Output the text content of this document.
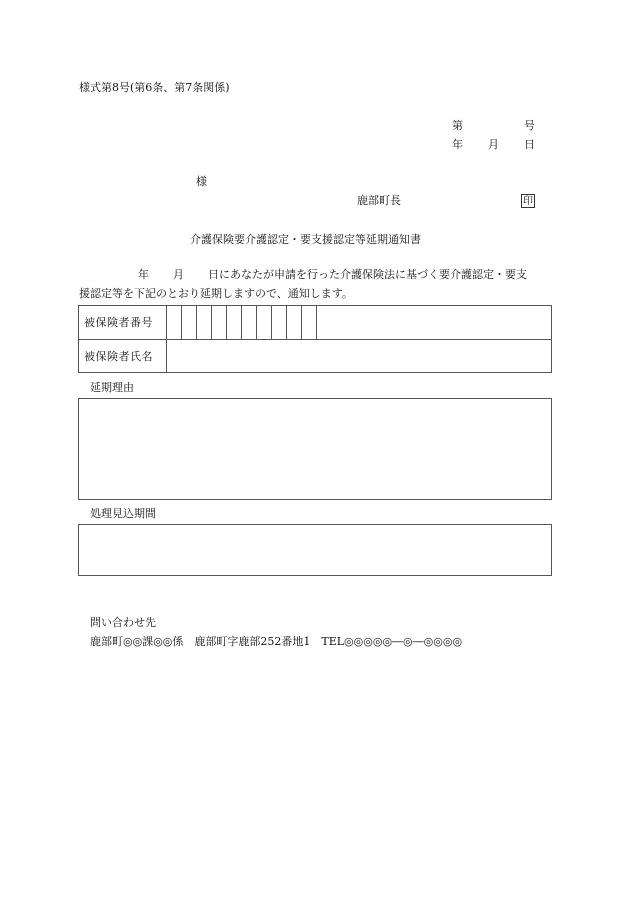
様式第8号(第6条、第7条関係)
第	号
年 月 日
様
鹿部町長	印
介護保険要介護認定・要支援認定等延期通知書
年 月 日にあなたが申請を行った介護保険法に基づく要介護認定・要支
援認定等を下記のとおり延期しますので、通知します。
被保険者番号
被保険者氏名

延期理由
処理見込期間
問い合わせ先
鹿部町◎◎課◎◎係　鹿部町字鹿部252番地1　TEL◎◎◎◎◎―◎―◎◎◎◎
